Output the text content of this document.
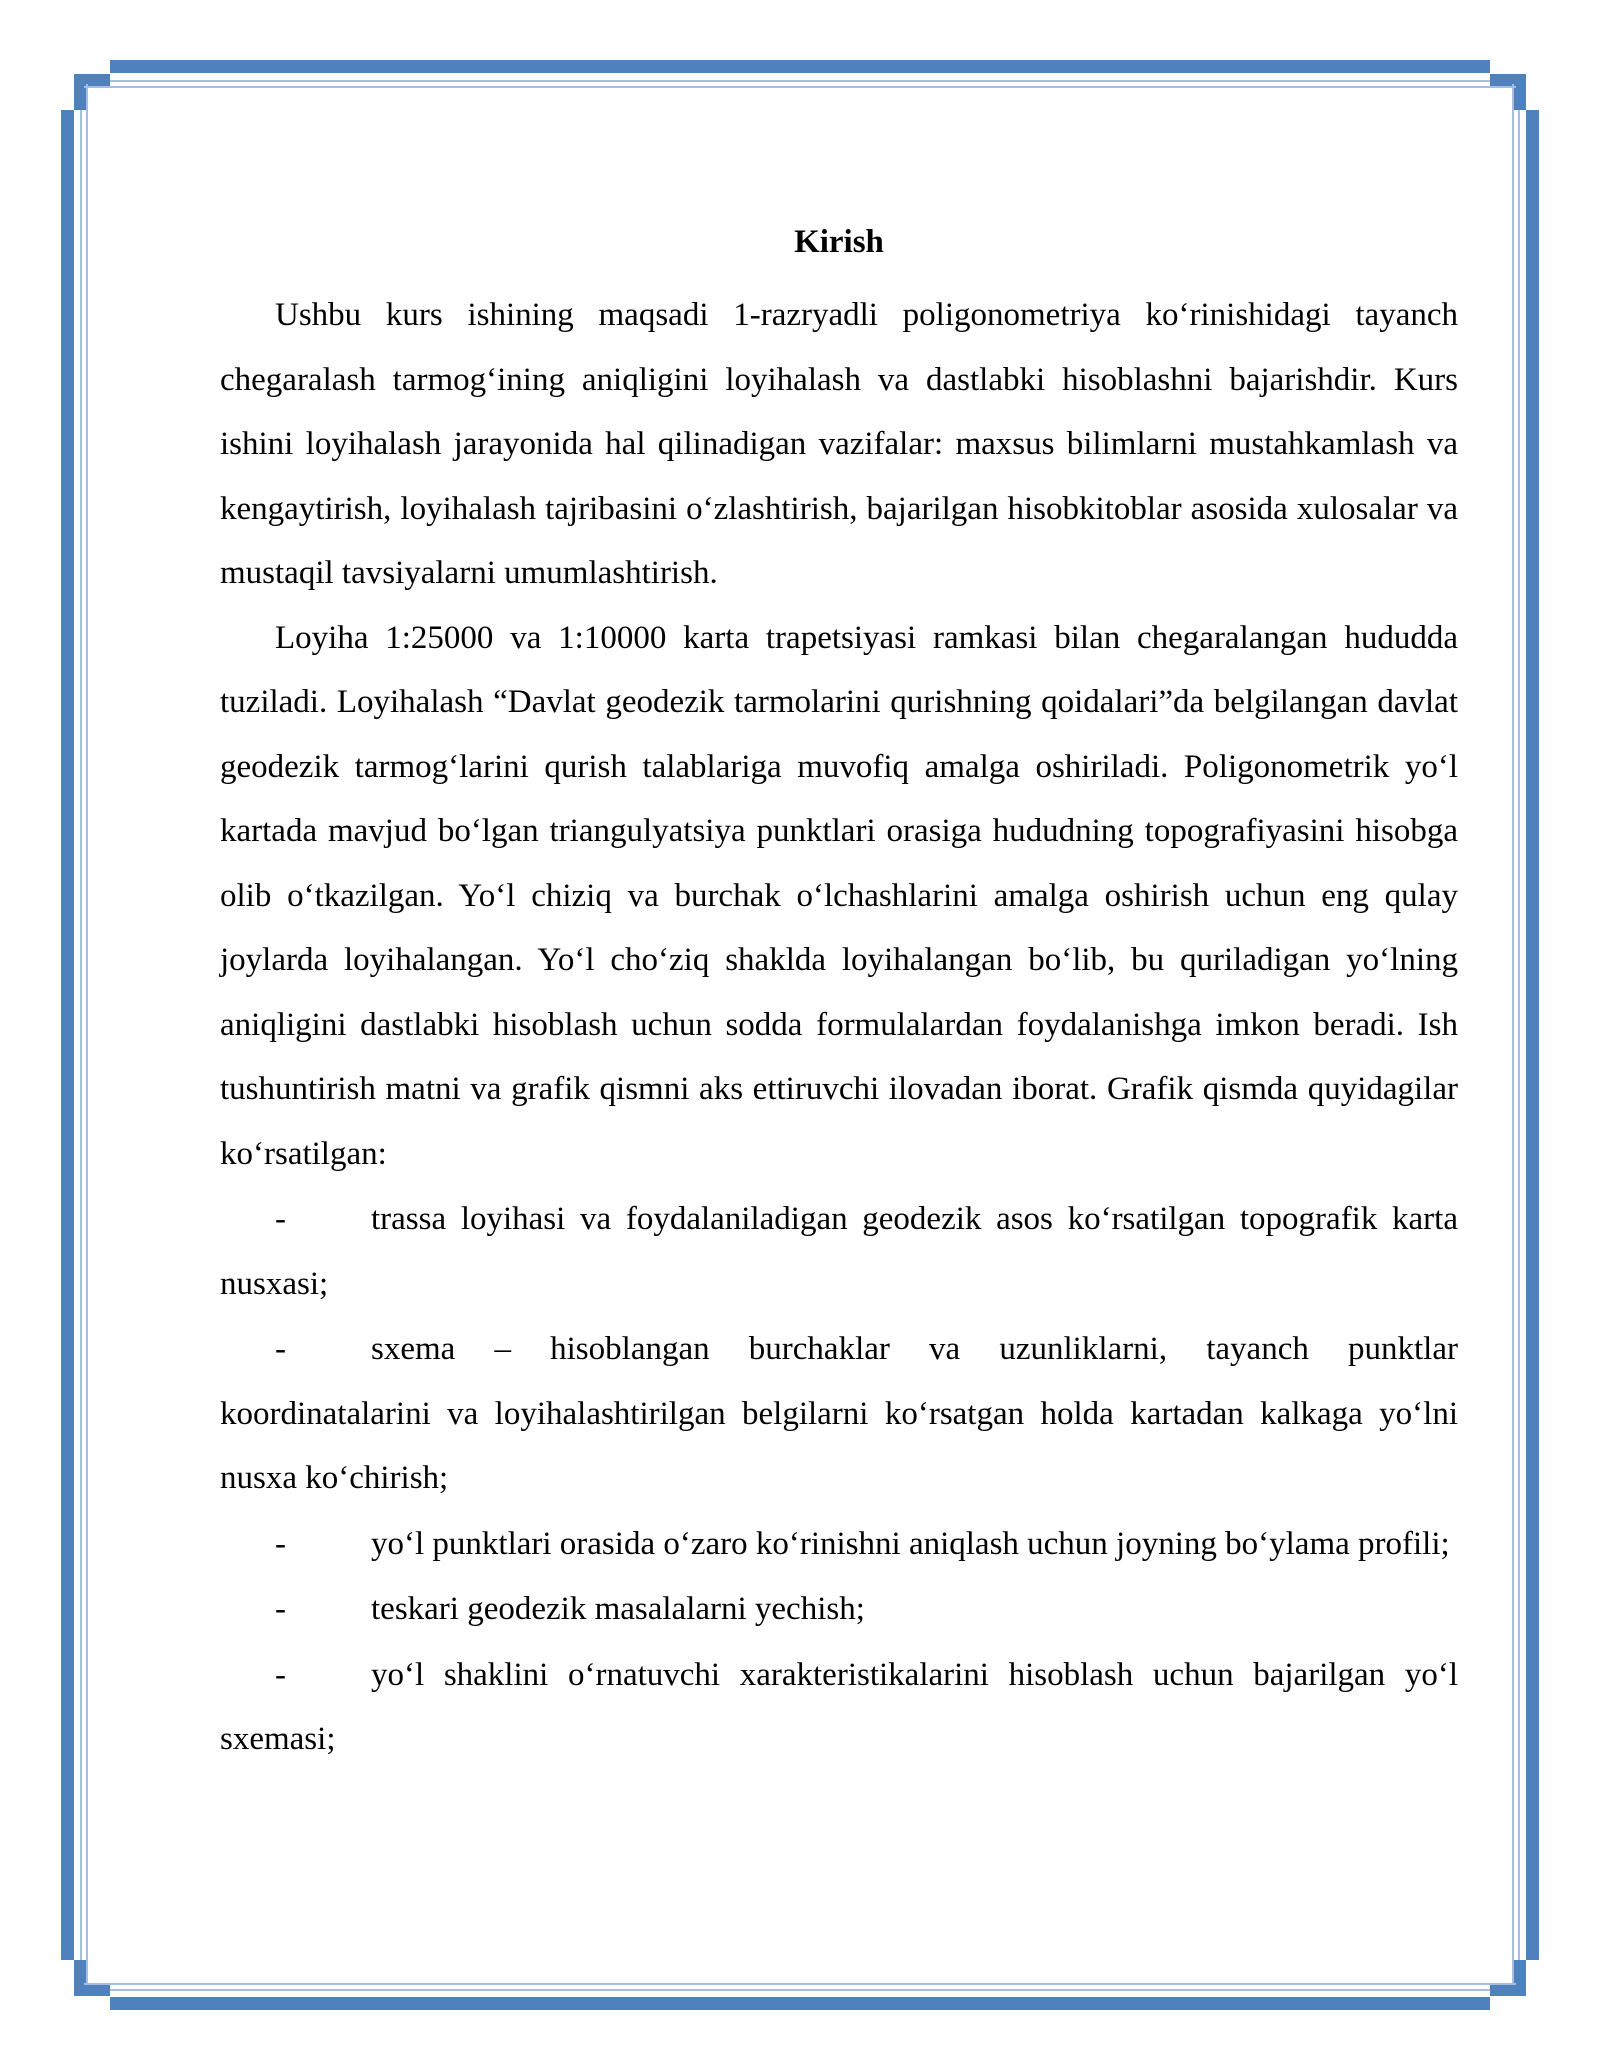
Kirish

Ushbu kurs ishining maqsadi 1-razryadli poligonometriya ko‘rinishidagi tayanch chegaralash tarmog‘ining aniqligini loyihalash va dastlabki hisoblashni bajarishdir. Kurs ishini loyihalash jarayonida hal qilinadigan vazifalar: maxsus bilimlarni mustahkamlash va kengaytirish, loyihalash tajribasini o‘zlashtirish, bajarilgan hisobkitoblar asosida xulosalar va mustaqil tavsiyalarni umumlashtirish.

Loyiha 1:25000 va 1:10000 karta trapetsiyasi ramkasi bilan chegaralangan hududda tuziladi. Loyihalash “Davlat geodezik tarmolarini qurishning qoidalari”da belgilangan davlat geodezik tarmog‘larini qurish talablariga muvofiq amalga oshiriladi. Poligonometrik yo‘l kartada mavjud bo‘lgan triangulyatsiya punktlari orasiga hududning topografiyasini hisobga olib o‘tkazilgan. Yo‘l chiziq va burchak o‘lchashlarini amalga oshirish uchun eng qulay joylarda loyihalangan. Yo‘l cho‘ziq shakldа loyihalangan bo‘lib, bu quriladigan yo‘lning aniqligini dastlabki hisoblash uchun sodda formulalardan foydalanishga imkon beradi. Ish tushuntirish matni va grafik qismni aks ettiruvchi ilovadan iborat. Grafik qismda quyidagilar ko‘rsatilgan:

-	trassa loyihasi va foydalaniladigan geodezik asos ko‘rsatilgan topografik karta nusxasi;

-	sxema – hisoblangan burchaklar va uzunliklarni, tayanch punktlar koordinatalarini va loyihalashtirilgan belgilarni ko‘rsatgan holda kartadan kalkaga yo‘lni nusxa ko‘chirish;

-	yo‘l punktlari orasida o‘zaro ko‘rinishni aniqlash uchun joyning bo‘ylama profili;

-	teskari geodezik masalalarni yechish;

-	yo‘l shaklini o‘rnatuvchi xarakteristikalarini hisoblash uchun bajarilgan yo‘l sxemasi;
